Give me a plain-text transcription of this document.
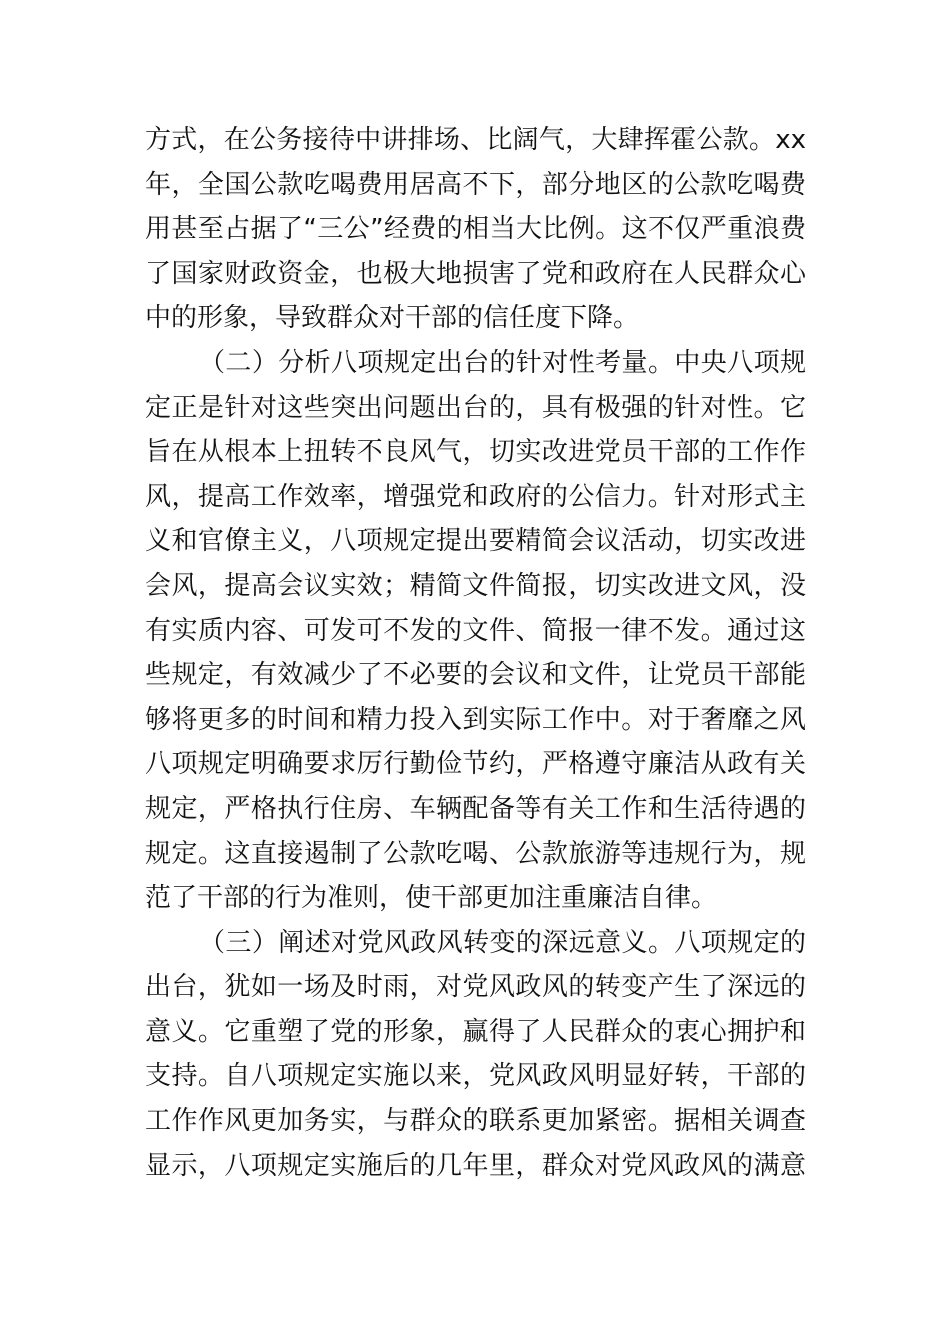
方式，在公务接待中讲排场、比阔气，大肆挥霍公款。xx
年，全国公款吃喝费用居高不下，部分地区的公款吃喝费
用甚至占据了“三公”经费的相当大比例。这不仅严重浪费
了国家财政资金，也极大地损害了党和政府在人民群众心
中的形象，导致群众对干部的信任度下降。
（二）分析八项规定出台的针对性考量。中央八项规
定正是针对这些突出问题出台的，具有极强的针对性。它
旨在从根本上扭转不良风气，切实改进党员干部的工作作
风，提高工作效率，增强党和政府的公信力。针对形式主
义和官僚主义，八项规定提出要精简会议活动，切实改进
会风，提高会议实效；精简文件简报，切实改进文风，没
有实质内容、可发可不发的文件、简报一律不发。通过这
些规定，有效减少了不必要的会议和文件，让党员干部能
够将更多的时间和精力投入到实际工作中。对于奢靡之风
八项规定明确要求厉行勤俭节约，严格遵守廉洁从政有关
规定，严格执行住房、车辆配备等有关工作和生活待遇的
规定。这直接遏制了公款吃喝、公款旅游等违规行为，规
范了干部的行为准则，使干部更加注重廉洁自律。
（三）阐述对党风政风转变的深远意义。八项规定的
出台，犹如一场及时雨，对党风政风的转变产生了深远的
意义。它重塑了党的形象，赢得了人民群众的衷心拥护和
支持。自八项规定实施以来，党风政风明显好转，干部的
工作作风更加务实，与群众的联系更加紧密。据相关调查
显示，八项规定实施后的几年里，群众对党风政风的满意
